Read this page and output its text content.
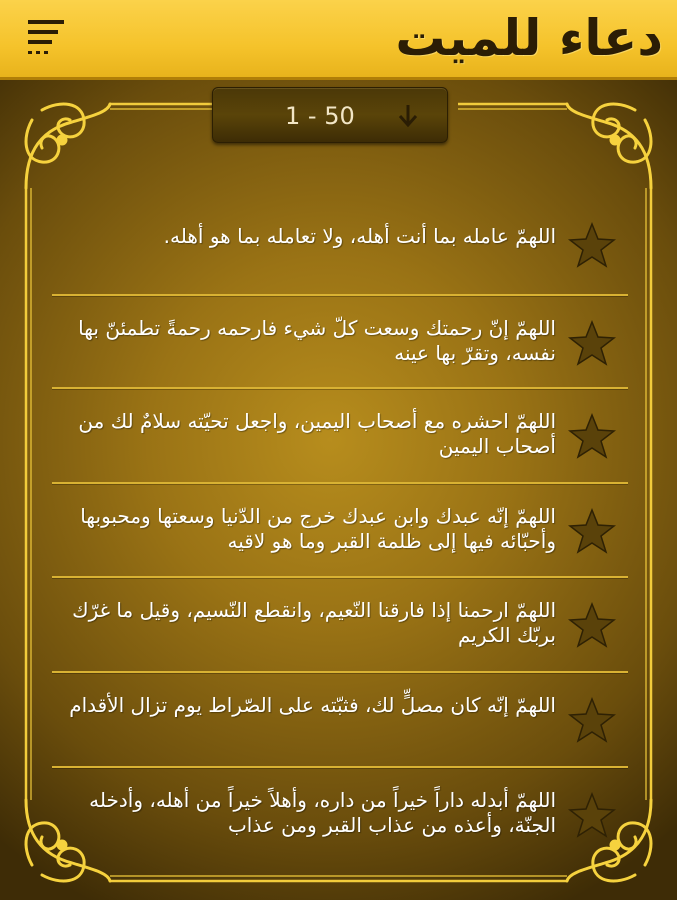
دعاء للميت
1 - 50
اللهمّ عامله بما أنت أهله، ولا تعامله بما هو أهله.
اللهمّ إنّ رحمتك وسعت كلّ شيء فارحمه رحمةً تطمئنّ بها نفسه، وتقرّ بها عينه
اللهمّ احشره مع أصحاب اليمين، واجعل تحيّته سلامٌ لك من أصحاب اليمين
اللهمّ إنّه عبدك وابن عبدك خرج من الدّنيا وسعتها ومحبوبها وأحبّائه فيها إلى ظلمة القبر وما هو لاقيه
اللهمّ ارحمنا إذا فارقنا النّعيم، وانقطع النّسيم، وقيل ما غرّك بربّك الكريم
اللهمّ إنّه كان مصلٍّ لك، فثبّته على الصّراط يوم تزال الأقدام
اللهمّ أبدله داراً خيراً من داره، وأهلاً خيراً من أهله، وأدخله الجنّة، وأعذه من عذاب القبر ومن عذاب
